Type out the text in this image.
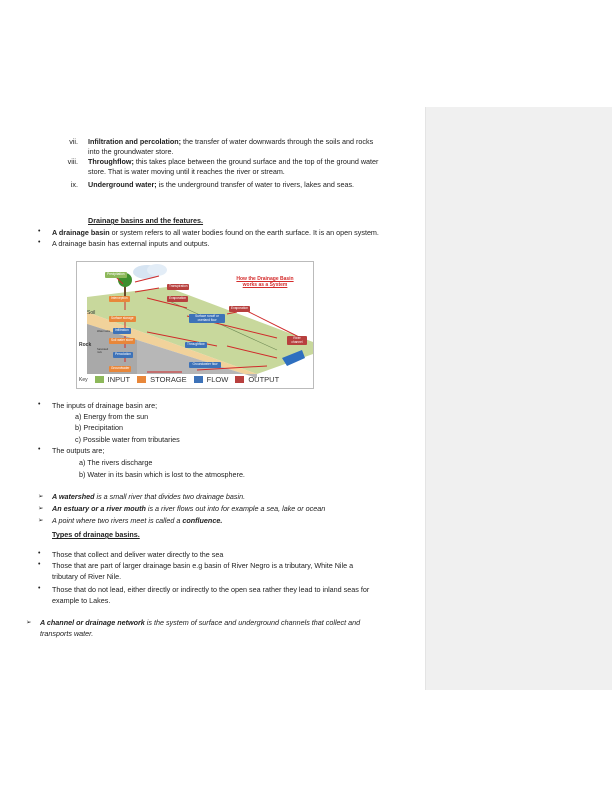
vii. Infiltration and percolation; the transfer of water downwards through the soils and rocks
into the groundwater store.
viii. Throughflow; this takes place between the ground surface and the top of the ground water
store. That is water moving until it reaches the river or stream.
ix. Underground water; is the underground transfer of water to rivers, lakes and seas.
Drainage basins and the features.
• A drainage basin or system refers to all water bodies found on the earth surface. It is an open system.
• A drainage basin has external inputs and outputs.
How the Drainage Basin
works as a System
Precipitation
Transpiration
Interception	Evaporation
Evaporation
Surface storage	Surface runoff or overland flow
Infiltration
Soil water store
Throughflow
Percolation
Groundwater
Groundwater flow
River channel
Soil
Rock
Water table
Saturated rock
Key	INPUT	STORAGE	FLOW	OUTPUT
• The inputs of drainage basin are;
a) Energy from the sun
b) Precipitation
c) Possible water from tributaries
• The outputs are;
a) The rivers discharge
b) Water in its basin which is lost to the atmosphere.
➢ A watershed is a small river that divides two drainage basin.
➢ An estuary or a river mouth is a river flows out into for example a sea, lake or ocean
➢ A point where two rivers meet is called a confluence.
Types of drainage basins.
• Those that collect and deliver water directly to the sea
• Those that are part of larger drainage basin e.g basin of River Negro is a tributary, White Nile a
tributary of River Nile.
• Those that do not lead, either directly or indirectly to the open sea rather they lead to inland seas for
example to Lakes.
➢ A channel or drainage network is the system of surface and underground channels that collect and
transports water.
